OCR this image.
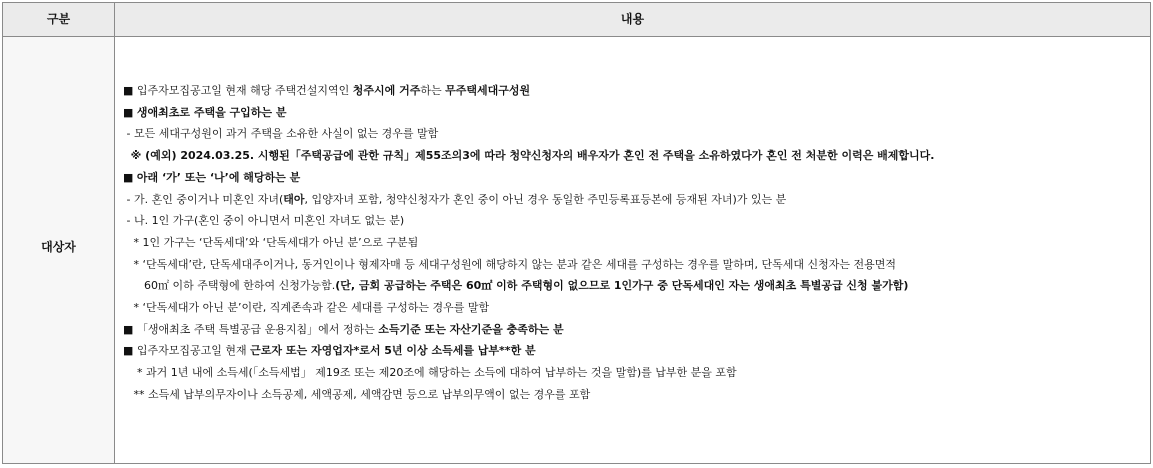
구분	내용
대상자
■ 입주자모집공고일 현재 해당 주택건설지역인 청주시에 거주하는 무주택세대구성원
■ 생애최초로 주택을 구입하는 분
- 모든 세대구성원이 과거 주택을 소유한 사실이 없는 경우를 말함
※ (예외) 2024.03.25. 시행된「주택공급에 관한 규칙」제55조의3에 따라 청약신청자의 배우자가 혼인 전 주택을 소유하였다가 혼인 전 처분한 이력은 배제합니다.
■ 아래 ‘가’ 또는 ‘나’에 해당하는 분
- 가. 혼인 중이거나 미혼인 자녀(태아, 입양자녀 포함, 청약신청자가 혼인 중이 아닌 경우 동일한 주민등록표등본에 등재된 자녀)가 있는 분
- 나. 1인 가구(혼인 중이 아니면서 미혼인 자녀도 없는 분)
* 1인 가구는 ‘단독세대’와 ‘단독세대가 아닌 분’으로 구분됨
* ‘단독세대’란, 단독세대주이거나, 동거인이나 형제자매 등 세대구성원에 해당하지 않는 분과 같은 세대를 구성하는 경우를 말하며, 단독세대 신청자는 전용면적
60㎡ 이하 주택형에 한하여 신청가능함.(단, 금회 공급하는 주택은 60㎡ 이하 주택형이 없으므로 1인가구 중 단독세대인 자는 생애최초 특별공급 신청 불가함)
* ‘단독세대가 아닌 분’이란, 직계존속과 같은 세대를 구성하는 경우를 말함
■ 「생애최초 주택 특별공급 운용지침」에서 정하는 소득기준 또는 자산기준을 충족하는 분
■ 입주자모집공고일 현재 근로자 또는 자영업자*로서 5년 이상 소득세를 납부**한 분
* 과거 1년 내에 소득세(「소득세법」 제19조 또는 제20조에 해당하는 소득에 대하여 납부하는 것을 말함)를 납부한 분을 포함
** 소득세 납부의무자이나 소득공제, 세액공제, 세액감면 등으로 납부의무액이 없는 경우를 포함
